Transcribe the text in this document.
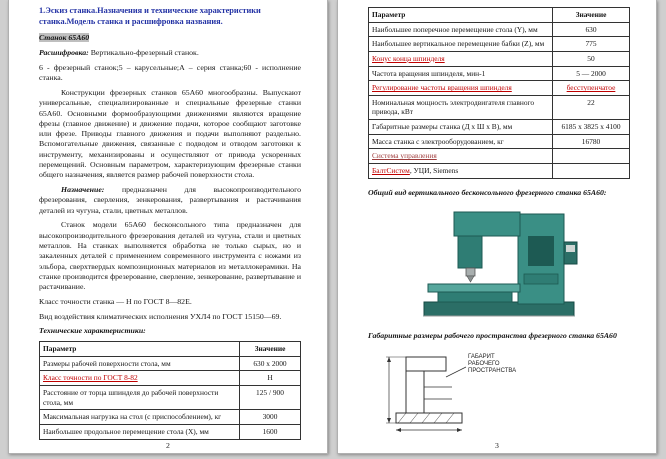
1.Эскиз станка.Назначения и технические характеристики станка.Модель станка и расшифровка названия.

Станок 65А60

Расшифровка: Вертикально-фрезерный станок.

6 - фрезерный станок;5 – карусельные;А – серия станка;60 - исполнение станка.

Конструкции фрезерных станков 65А60 многообразны. Выпускают универсальные, специализированные и специальные фрезерные станки 65А60. Основными формообразующими движениями являются вращение фрезы (главное движение) и движение подачи, которое сообщают заготовке или фрезе. Приводы главного движения и подачи выполняют раздельно. Вспомогательные движения, связанные с подводом и отводом заготовки к инструменту, механизированы и осуществляют от привода ускоренных перемещений. Основным параметром, характеризующим фрезерные станки общего назначения, является размер рабочей поверхности стола.

Назначение: предназначен для высокопроизводительного фрезерования, сверления, зенкерования, развертывания и растачивания деталей из чугуна, стали, цветных металлов.

Станок модели 65А60 бесконсольного типа предназначен для высокопроизводительного фрезерования деталей из чугуна, стали и цветных металлов. На станках выполняется обработка не только сырых, но и закаленных деталей с применением современного инструмента с ножами из эльбора, сверхтвердых композиционных материалов из металлокерамики. На станке производится фрезерование, сверление, зенкерование, развертывание и растачивание.

Класс точности станка — Н по ГОСТ 8—82Е.

Вид воздействия климатических исполнения УХЛ4 по ГОСТ 15150—69.

Технические характеристики:

Параметр	Значение
Размеры рабочей поверхности стола, мм	630 х 2000
Класс точности по ГОСТ 8-82	Н
Расстояние от торца шпинделя до рабочей поверхности стола, мм	125 / 900
Максимальная нагрузка на стол (с приспособлением), кг	3000
Наибольшее продольное перемещение стола (X), мм	1600
2
Параметр	Значение
Наибольшее поперечное перемещение стола (Y), мм	630
Наибольшее вертикальное перемещение бабки (Z), мм	775
Конус конца шпинделя	50
Частота вращения шпинделя, мин-1	5 — 2000
Регулирование частоты вращения шпинделя	бесступенчатое
Номинальная мощность электродвигателя главного привода, кВт	22
Габаритные размеры станка (Д х Ш х В), мм	6185 х 3825 х 4100
Масса станка с электрооборудованием, кг	16780
Система управления	
БалтСистем, УЦИ, Siemens	

Общий вид вертикального бесконсольного фрезерного станка 65А60:

Габаритные размеры рабочего пространства фрезерного станка 65А60

ГАБАРИТ
РАБОЧЕГО
ПРОСТРАНСТВА
3
